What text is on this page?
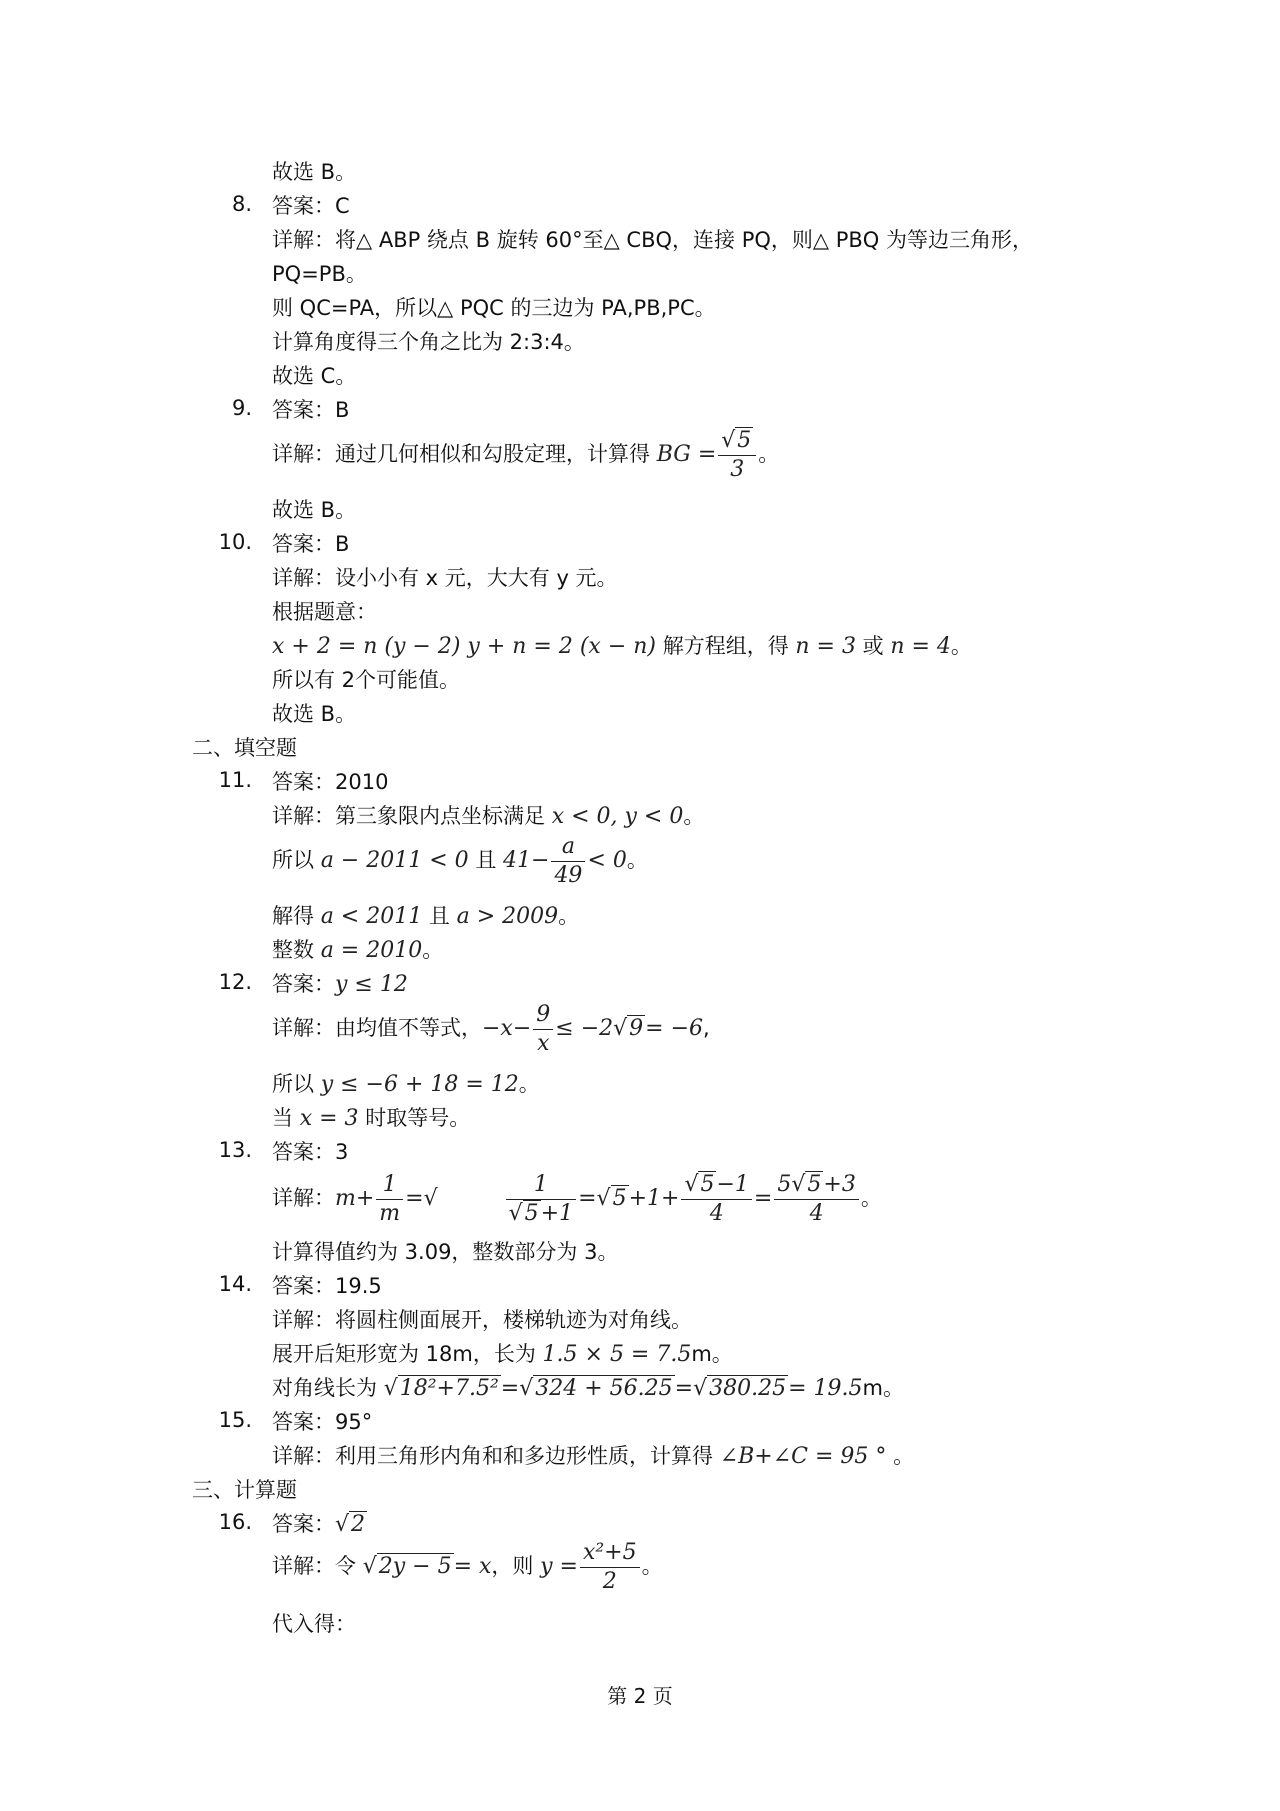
故选 B。
8. 答案：C
详解：将△ ABP 绕点 B 旋转 60°至△ CBQ，连接 PQ，则△ PBQ 为等边三角形，
PQ=PB。
则 QC=PA，所以△ PQC 的三边为 PA,PB,PC。
计算角度得三个角之比为 2:3:4。
故选 C。
9. 答案：B
详解：通过几何相似和勾股定理，计算得 BG = $\frac{√5}{3}$ 。
故选 B。
10. 答案：B
详解：设小小有 x 元，大大有 y 元。
根据题意：
x + 2 = n (y − 2) y + n = 2 (x − n) 解方程组，得 n = 3 或 n = 4。
所以有 2个可能值。
故选 B。
二、填空题
11. 答案：2010
详解：第三象限内点坐标满足 x < 0, y < 0。
所以 a − 2011 < 0 且 $41- \frac{a}{49} < 0$。
解得 a < 2011 且 a > 2009。
整数 a = 2010。
12. 答案：y ≤ 12
详解：由均值不等式，$-x- \frac{9}{x} \le -2√9= -6$,
所以 y ≤ −6 + 18 = 12。
当 x = 3 时取等号。
13. 答案：3
详解：$m+ \frac{1}{m}$ =√	$\frac{1}{√5+1} =√5+1+ \frac{√5-1}{4} = \frac{5√5+3}{4}$ 。
计算得值约为 3.09，整数部分为 3。
14. 答案：19.5
详解：将圆柱侧面展开，楼梯轨迹为对角线。
展开后矩形宽为 18m，长为 1.5 × 5 = 7.5m。
对角线长为 √18²+7.5²=√324 + 56.25=√380.25= 19.5m。
15. 答案：95°
详解：利用三角形内角和和多边形性质，计算得 ∠B+∠C = 95 ° 。
三、计算题
16. 答案：√2
详解：令 √2y − 5= x，则 $y = \frac{\text{x²+5}}{2}$ 。
代入得：
第 2 页
